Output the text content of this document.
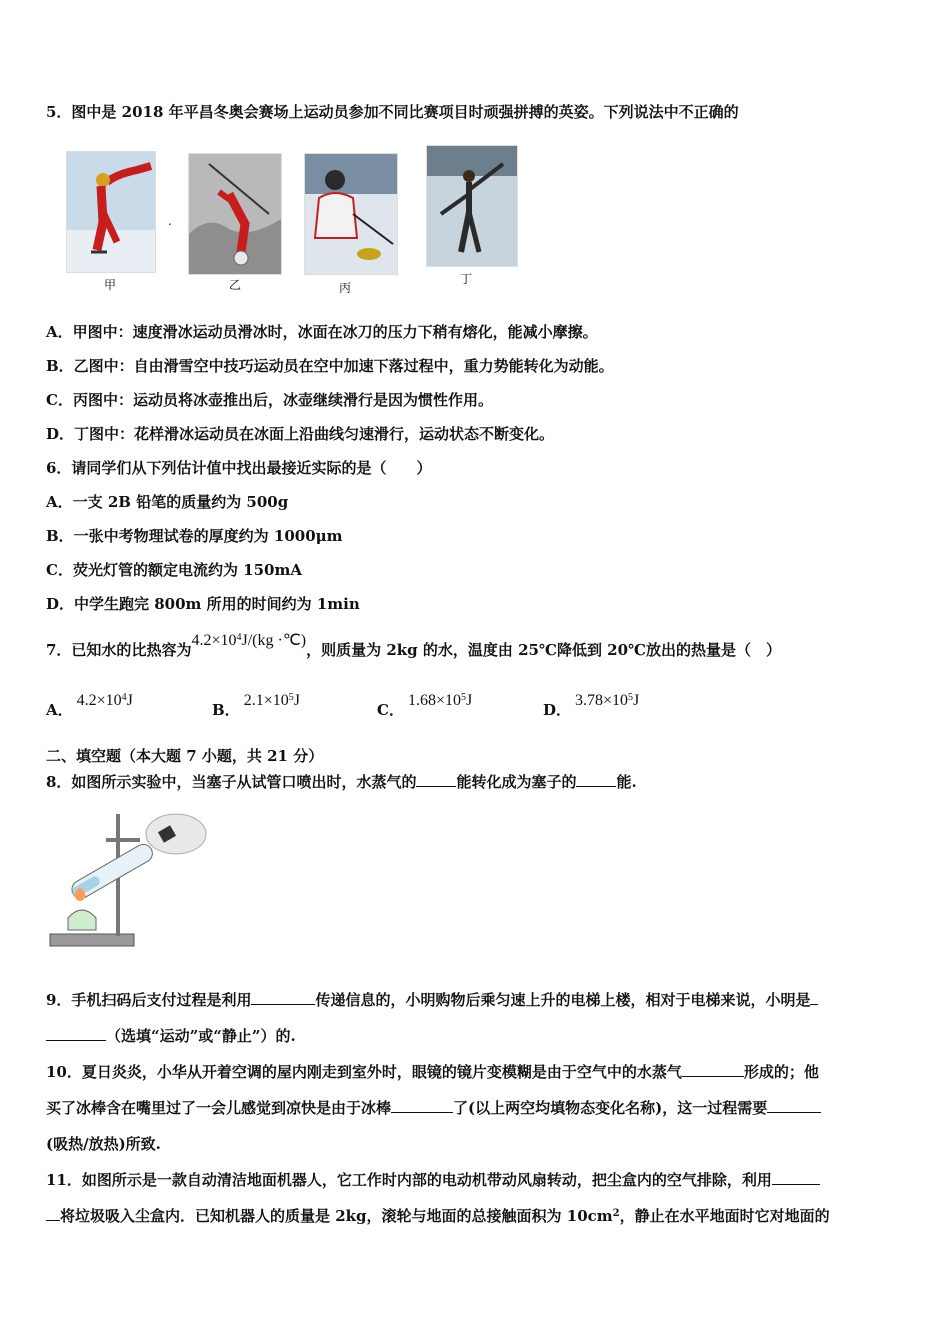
5．图中是 2018 年平昌冬奥会赛场上运动员参加不同比赛项目时顽强拼搏的英姿。下列说法中不正确的
甲
.
乙	丙
丁
A．甲图中：速度滑冰运动员滑冰时，冰面在冰刀的压力下稍有熔化，能减小摩擦。
B．乙图中：自由滑雪空中技巧运动员在空中加速下落过程中，重力势能转化为动能。
C．丙图中：运动员将冰壶推出后，冰壶继续滑行是因为惯性作用。
D．丁图中：花样滑冰运动员在冰面上沿曲线匀速滑行，运动状态不断变化。
6．请同学们从下列估计值中找出最接近实际的是（　　）
A．一支 2B 铅笔的质量约为 500g
B．一张中考物理试卷的厚度约为 1000μm
C．荧光灯管的额定电流约为 150mA
D．中学生跑完 800m 所用的时间约为 1min
7．已知水的比热容为$4.2\times 10^4J/(kg$ ·℃)，则质量为 2kg 的水，温度由 25℃降低到 20℃放出的热量是（　）
A．$4.2\times 10^4J$
B．$2.1\times 10^5J$
C．$1.68\times 10^5J$
D．$3.78\times 10^5J$
二、填空题（本大题 7 小题，共 21 分）
8．如图所示实验中，当塞子从试管口喷出时，水蒸气的	能转化成为塞子的	能.
9．手机扫码后支付过程是利用	传递信息的，小明购物后乘匀速上升的电梯上楼，相对于电梯来说，小明是
（选填“运动”或“静止”）的.
10．夏日炎炎，小华从开着空调的屋内刚走到室外时，眼镜的镜片变模糊是由于空气中的水蒸气	形成的；他
买了冰棒含在嘴里过了一会儿感觉到凉快是由于冰棒	了(以上两空均填物态变化名称)，这一过程需要
(吸热/放热)所致.
11．如图所示是一款自动清洁地面机器人，它工作时内部的电动机带动风扇转动，把尘盒内的空气排除，利用
将垃圾吸入尘盒内．已知机器人的质量是 2kg，滚轮与地面的总接触面积为 $10cm^2$，静止在水平地面时它对地面的
